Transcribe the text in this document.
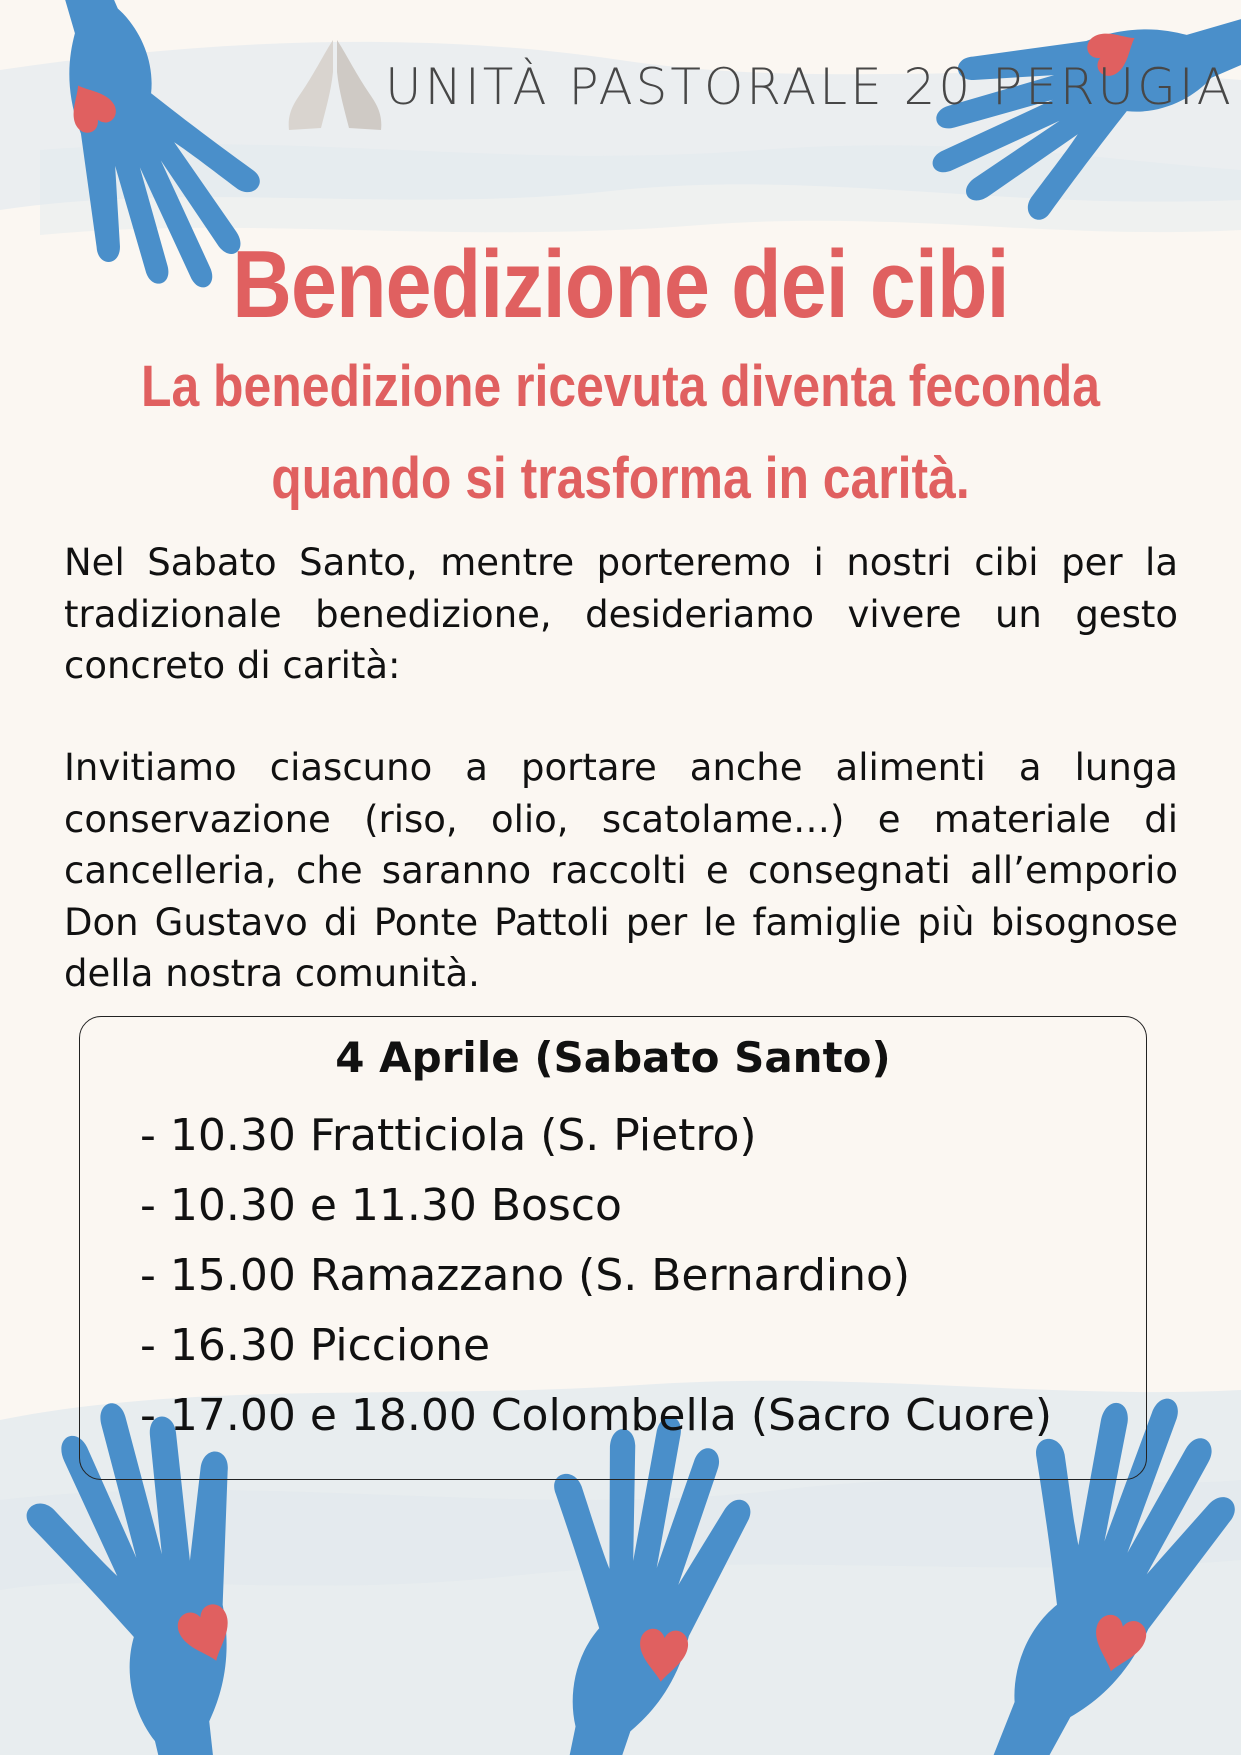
UNITÀ PASTORALE 20 PERUGIA
Benedizione dei cibi
La benedizione ricevuta diventa feconda
quando si trasforma in carità.
Nel Sabato Santo, mentre porteremo i nostri cibi per la tradizionale benedizione, desideriamo vivere un gesto concreto di carità:
Invitiamo ciascuno a portare anche alimenti a lunga conservazione (riso, olio, scatolame…) e materiale di cancelleria, che saranno raccolti e consegnati all’emporio Don Gustavo di Ponte Pattoli per le famiglie più bisognose della nostra comunità.
4 Aprile (Sabato Santo)
- 10.30 Fratticiola (S. Pietro)
- 10.30 e 11.30 Bosco
- 15.00 Ramazzano (S. Bernardino)
- 16.30 Piccione
- 17.00 e 18.00 Colombella (Sacro Cuore)
